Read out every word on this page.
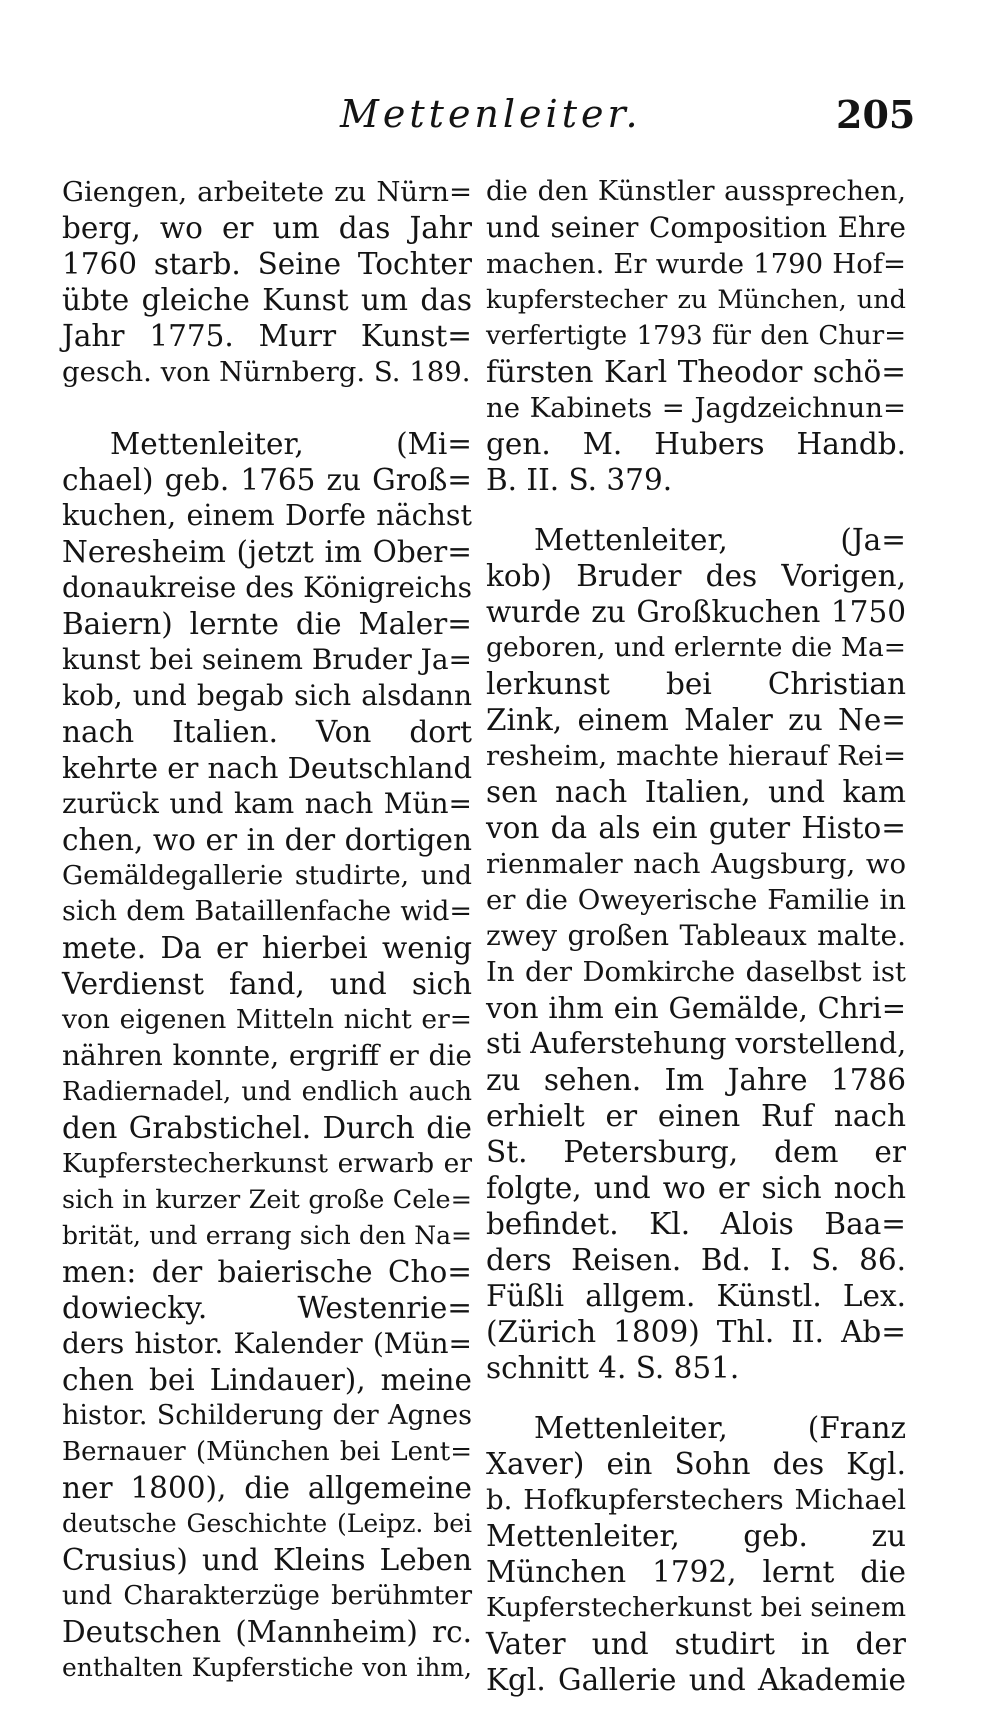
Mettenleiter.	205
Giengen, arbeitete zu Nürn=
berg, wo er um das Jahr
1760 starb. Seine Tochter
übte gleiche Kunst um das
Jahr 1775. Murr Kunst=
gesch. von Nürnberg. S. 189.
Mettenleiter, (Mi=
chael) geb. 1765 zu Groß=
kuchen, einem Dorfe nächst
Neresheim (jetzt im Ober=
donaukreise des Königreichs
Baiern) lernte die Maler=
kunst bei seinem Bruder Ja=
kob, und begab sich alsdann
nach Italien. Von dort
kehrte er nach Deutschland
zurück und kam nach Mün=
chen, wo er in der dortigen
Gemäldegallerie studirte, und
sich dem Bataillenfache wid=
mete. Da er hierbei wenig
Verdienst fand, und sich
von eigenen Mitteln nicht er=
nähren konnte, ergriff er die
Radiernadel, und endlich auch
den Grabstichel. Durch die
Kupferstecherkunst erwarb er
sich in kurzer Zeit große Cele=
brität, und errang sich den Na=
men: der baierische Cho=
dowiecky. Westenrie=
ders histor. Kalender (Mün=
chen bei Lindauer), meine
histor. Schilderung der Agnes
Bernauer (München bei Lent=
ner 1800), die allgemeine
deutsche Geschichte (Leipz. bei
Crusius) und Kleins Leben
und Charakterzüge berühmter
Deutschen (Mannheim) rc.
enthalten Kupferstiche von ihm,
die den Künstler aussprechen,
und seiner Composition Ehre
machen. Er wurde 1790 Hof=
kupferstecher zu München, und
verfertigte 1793 für den Chur=
fürsten Karl Theodor schö=
ne Kabinets = Jagdzeichnun=
gen. M. Hubers Handb.
B. II. S. 379.
Mettenleiter, (Ja=
kob) Bruder des Vorigen,
wurde zu Großkuchen 1750
geboren, und erlernte die Ma=
lerkunst bei Christian
Zink, einem Maler zu Ne=
resheim, machte hierauf Rei=
sen nach Italien, und kam
von da als ein guter Histo=
rienmaler nach Augsburg, wo
er die Oweyerische Familie in
zwey großen Tableaux malte.
In der Domkirche daselbst ist
von ihm ein Gemälde, Chri=
sti Auferstehung vorstellend,
zu sehen. Im Jahre 1786
erhielt er einen Ruf nach
St. Petersburg, dem er
folgte, und wo er sich noch
befindet. Kl. Alois Baa=
ders Reisen. Bd. I. S. 86.
Füßli allgem. Künstl. Lex.
(Zürich 1809) Thl. II. Ab=
schnitt 4. S. 851.
Mettenleiter, (Franz
Xaver) ein Sohn des Kgl.
b. Hofkupferstechers Michael
Mettenleiter, geb. zu
München 1792, lernt die
Kupferstecherkunst bei seinem
Vater und studirt in der
Kgl. Gallerie und Akademie
